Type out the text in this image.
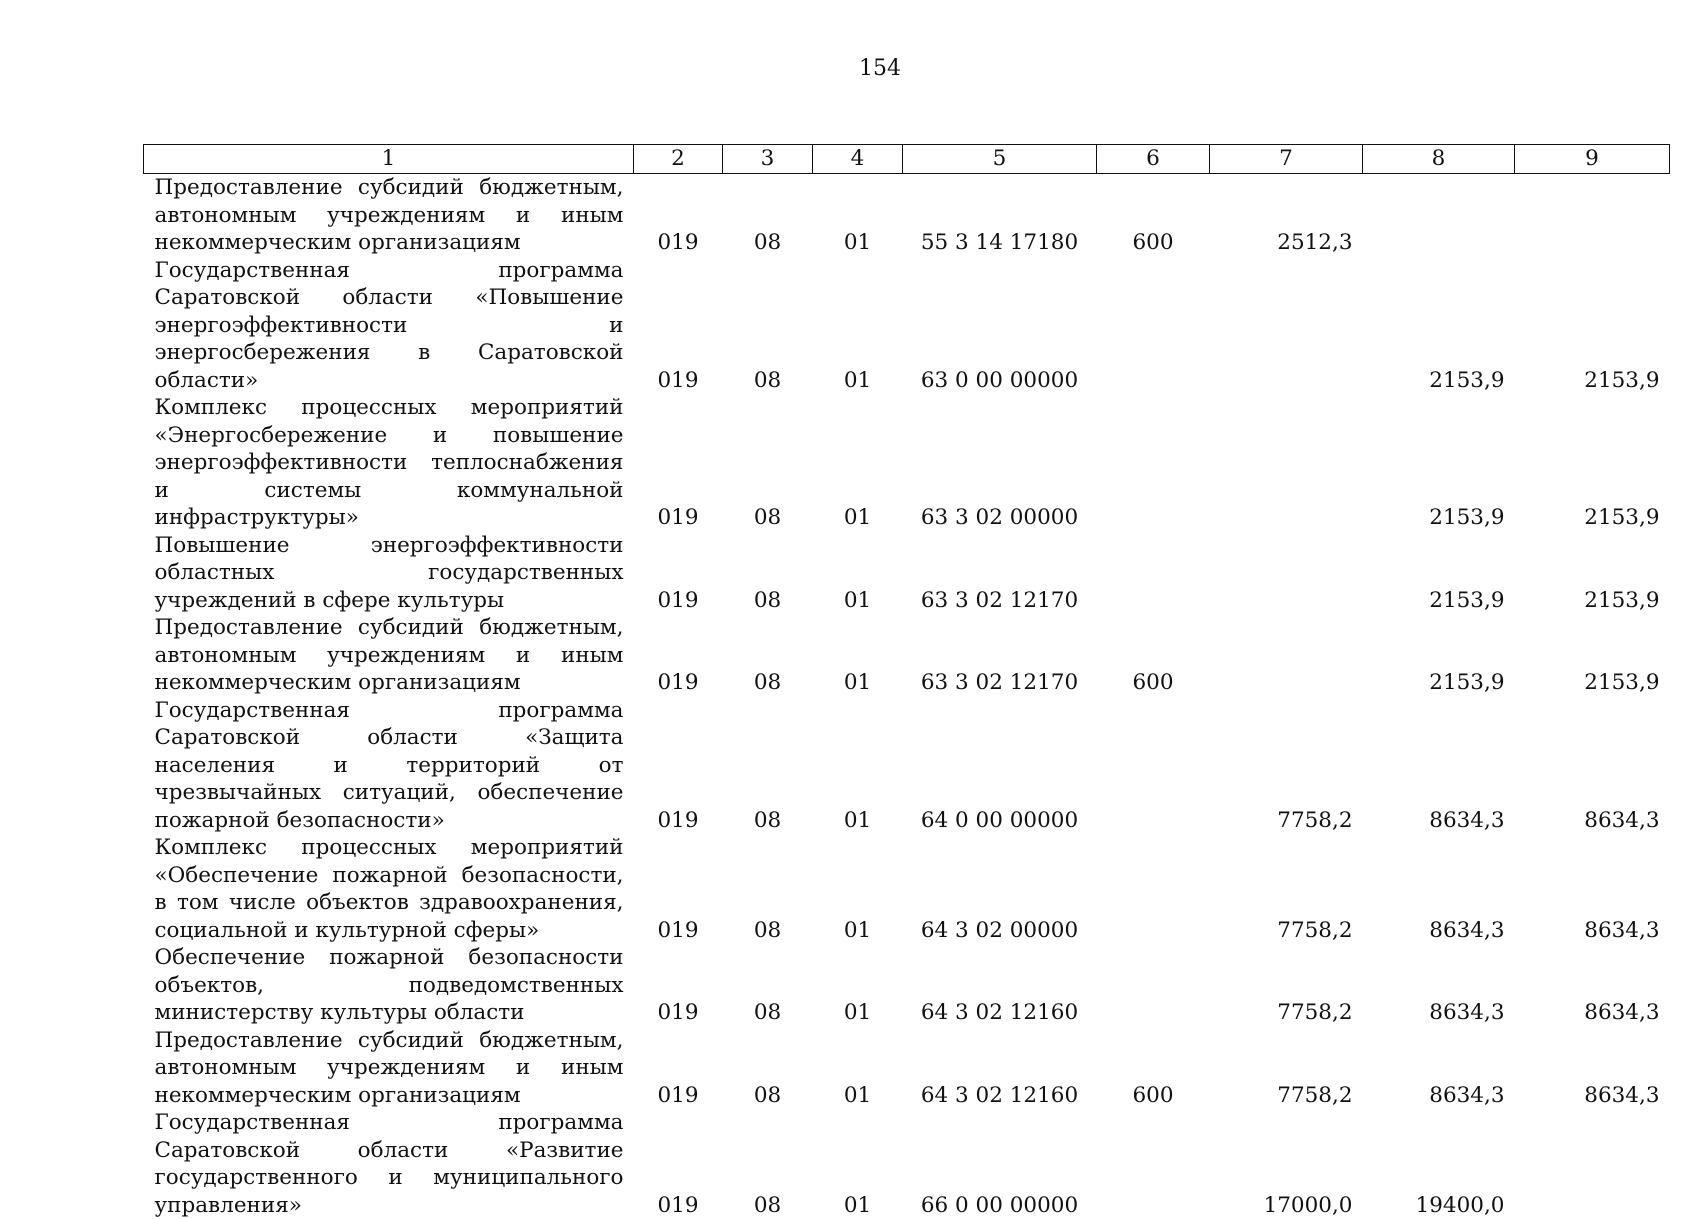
154
1	2	3	4	5	6	7	8	9
Предоставление субсидий бюджетным, автономным учреждениям и иным некоммерческим организациям	019	08	01	55 3 14 17180	600	2512,3		
Государственная программа Саратовской области «Повышение энергоэффективности и энергосбережения в Саратовской области»	019	08	01	63 0 00 00000			2153,9	2153,9
Комплекс процессных мероприятий «Энергосбережение и повышение энергоэффективности теплоснабжения и системы коммунальной инфраструктуры»	019	08	01	63 3 02 00000			2153,9	2153,9
Повышение энергоэффективности областных государственных учреждений в сфере культуры	019	08	01	63 3 02 12170			2153,9	2153,9
Предоставление субсидий бюджетным, автономным учреждениям и иным некоммерческим организациям	019	08	01	63 3 02 12170	600		2153,9	2153,9
Государственная программа Саратовской области «Защита населения и территорий от чрезвычайных ситуаций, обеспечение пожарной безопасности»	019	08	01	64 0 00 00000		7758,2	8634,3	8634,3
Комплекс процессных мероприятий «Обеспечение пожарной безопасности, в том числе объектов здравоохранения, социальной и культурной сферы»	019	08	01	64 3 02 00000		7758,2	8634,3	8634,3
Обеспечение пожарной безопасности объектов, подведомственных министерству культуры области	019	08	01	64 3 02 12160		7758,2	8634,3	8634,3
Предоставление субсидий бюджетным, автономным учреждениям и иным некоммерческим организациям	019	08	01	64 3 02 12160	600	7758,2	8634,3	8634,3
Государственная программа Саратовской области «Развитие государственного и муниципального управления»	019	08	01	66 0 00 00000		17000,0	19400,0	
